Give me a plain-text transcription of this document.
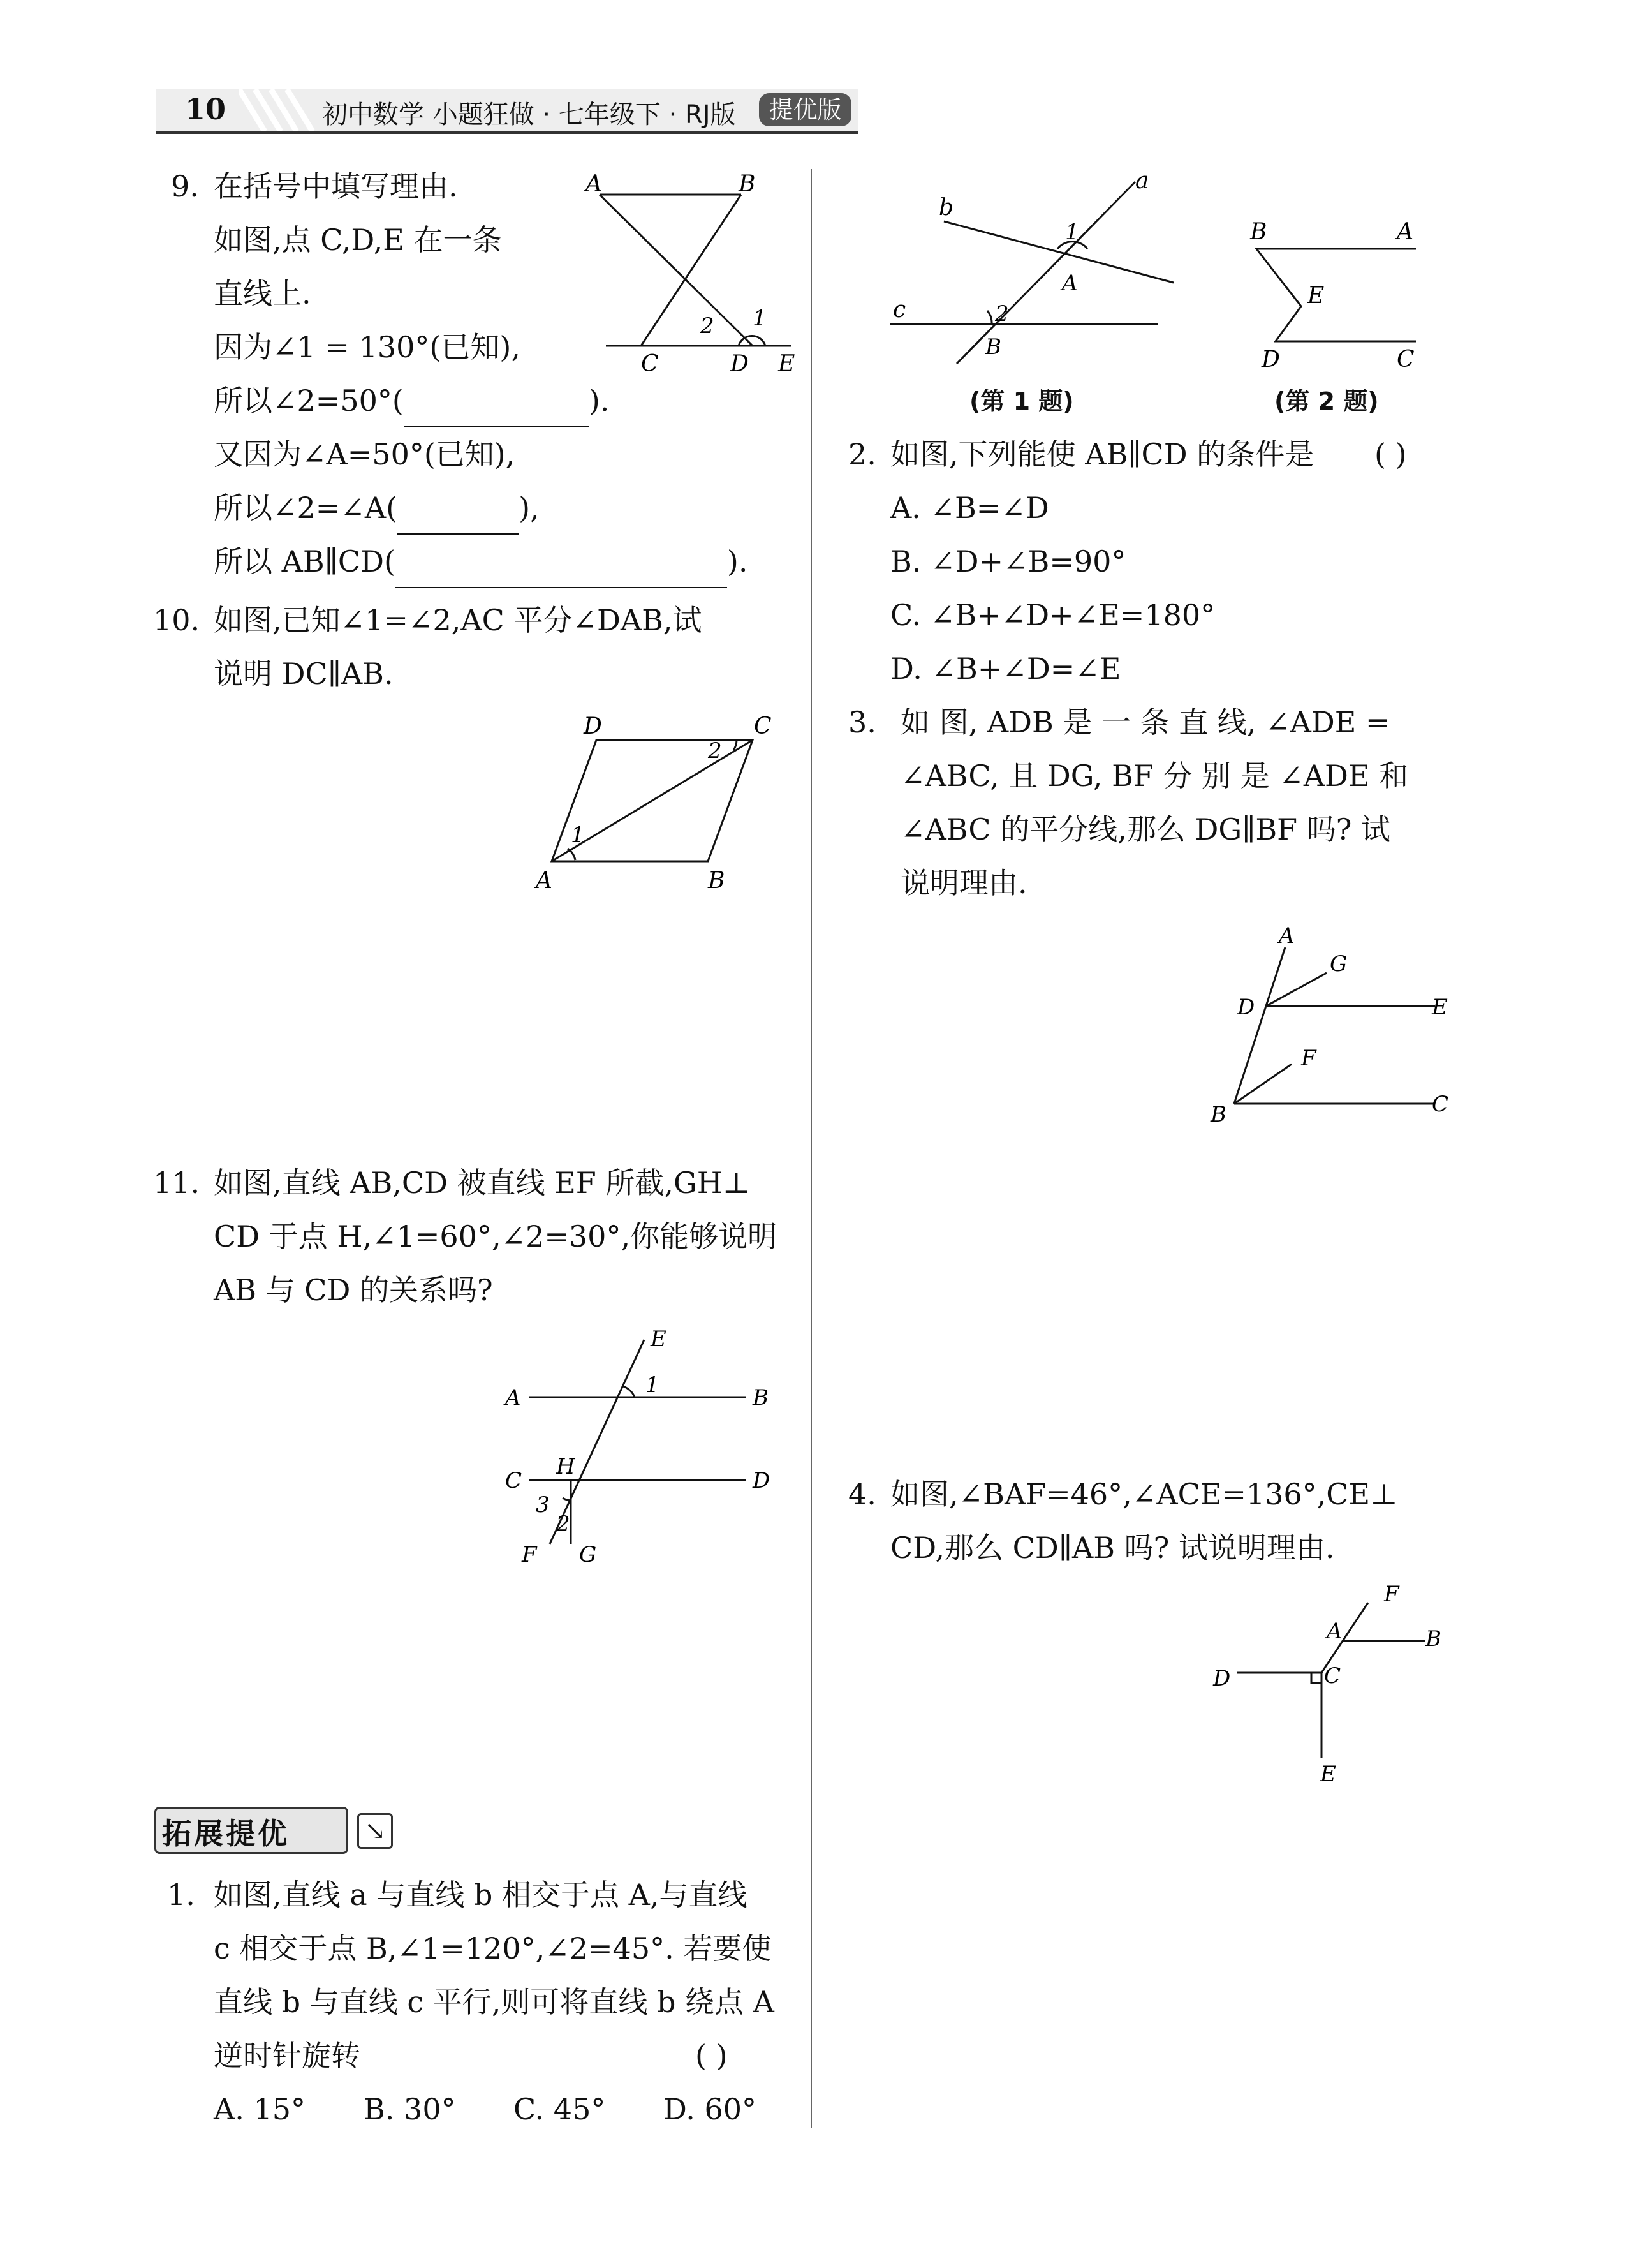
10	初中数学 小题狂做 · 七年级下 · RJ版	提优版
9. 在括号中填写理由.
如图,点 C,D,E 在一条
直线上.
因为∠1 = 130°(已知),
所以∠2=50°(	).
又因为∠A=50°(已知),
所以∠2=∠A(	),
所以 AB∥CD(	).
A	B
C	D E
1
2
10. 如图,已知∠1=∠2,AC 平分∠DAB,试
说明 DC∥AB.
D	C
A	B
1
2
11. 如图,直线 AB,CD 被直线 EF 所截,GH⊥
CD 于点 H,∠1=60°,∠2=30°,你能够说明
AB 与 CD 的关系吗?
E
1
A	B
H
C	D
3
2
F G
拓展提优	↘
1. 如图,直线 a 与直线 b 相交于点 A,与直线
c 相交于点 B,∠1=120°,∠2=45°. 若要使
直线 b 与直线 c 平行,则可将直线 b 绕点 A
逆时针旋转	( )
A. 15° B. 30° C. 45° D. 60°
a
b
c
1
A
2
B
(第 1 题)
B	A
E
D	C
(第 2 题)
2. 如图,下列能使 AB∥CD 的条件是 ( )
A. ∠B=∠D
B. ∠D+∠B=90°
C. ∠B+∠D+∠E=180°
D. ∠B+∠D=∠E
3. 如 图, ADB 是 一 条 直 线, ∠ADE =
∠ABC, 且 DG, BF 分 别 是 ∠ADE 和
∠ABC 的平分线,那么 DG∥BF 吗? 试
说明理由.
A
G
D	E
F
B	C
4. 如图,∠BAF=46°,∠ACE=136°,CE⊥
CD,那么 CD∥AB 吗? 试说明理由.
F
A	B
D	C
E
